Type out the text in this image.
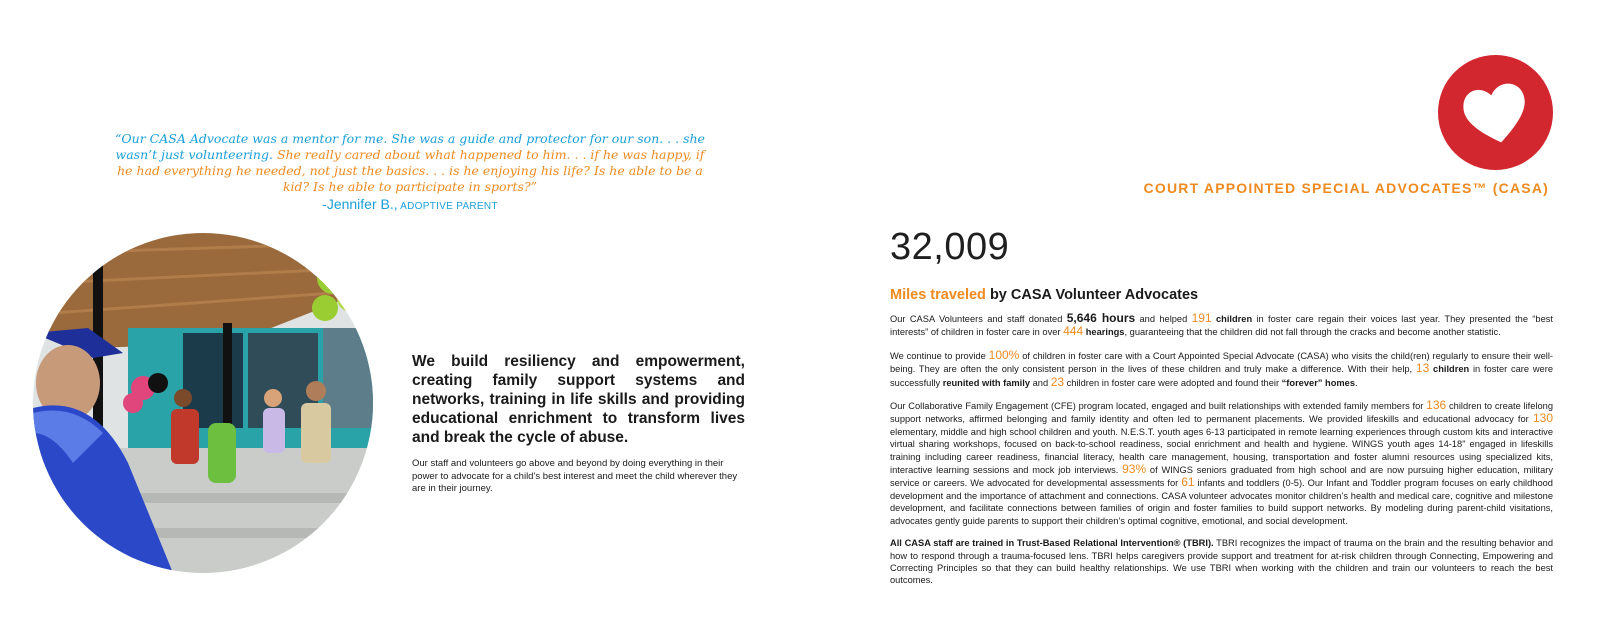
“Our CASA Advocate was a mentor for me. She was a guide and protector for our son. . . she wasn’t just volunteering. She really cared about what happened to him. . . if he was happy, if he had everything he needed, not just the basics. . . is he enjoying his life? Is he able to be a kid? Is he able to participate in sports?”
-Jennifer B., ADOPTIVE PARENT
We build resiliency and empowerment, creating family support systems and networks, training in life skills and providing educational enrichment to transform lives and break the cycle of abuse.
Our staff and volunteers go above and beyond by doing everything in their power to advocate for a child’s best interest and meet the child wherever they are in their journey.
COURT APPOINTED SPECIAL ADVOCATES™ (CASA)
32,009
Miles traveled by CASA Volunteer Advocates

Our CASA Volunteers and staff donated 5,646 hours and helped 191 children in foster care regain their voices last year. They presented the “best interests” of children in foster care in over 444 hearings, guaranteeing that the children did not fall through the cracks and become another statistic.

We continue to provide 100% of children in foster care with a Court Appointed Special Advocate (CASA) who visits the child(ren) regularly to ensure their well-being. They are often the only consistent person in the lives of these children and truly make a difference. With their help, 13 children in foster care were successfully reunited with family and 23 children in foster care were adopted and found their “forever” homes.

Our Collaborative Family Engagement (CFE) program located, engaged and built relationships with extended family members for 136 children to create lifelong support networks, affirmed belonging and family identity and often led to permanent placements. We provided lifeskills and educational advocacy for 130 elementary, middle and high school children and youth. N.E.S.T. youth ages 6-13 participated in remote learning experiences through custom kits and interactive virtual sharing workshops, focused on back-to-school readiness, social enrichment and health and hygiene. WINGS youth ages 14-18" engaged in lifeskills training including career readiness, financial literacy, health care management, housing, transportation and foster alumni resources using specialized kits, interactive learning sessions and mock job interviews. 93% of WINGS seniors graduated from high school and are now pursuing higher education, military service or careers. We advocated for developmental assessments for 61 infants and toddlers (0-5). Our Infant and Toddler program focuses on early childhood development and the importance of attachment and connections. CASA volunteer advocates monitor children’s health and medical care, cognitive and milestone development, and facilitate connections between families of origin and foster families to build support networks. By modeling during parent-child visitations, advocates gently guide parents to support their children’s optimal cognitive, emotional, and social development.

All CASA staff are trained in Trust-Based Relational Intervention® (TBRI). TBRI recognizes the impact of trauma on the brain and the resulting behavior and how to respond through a trauma-focused lens. TBRI helps caregivers provide support and treatment for at-risk children through Connecting, Empowering and Correcting Principles so that they can build healthy relationships. We use TBRI when working with the children and train our volunteers to reach the best outcomes.
